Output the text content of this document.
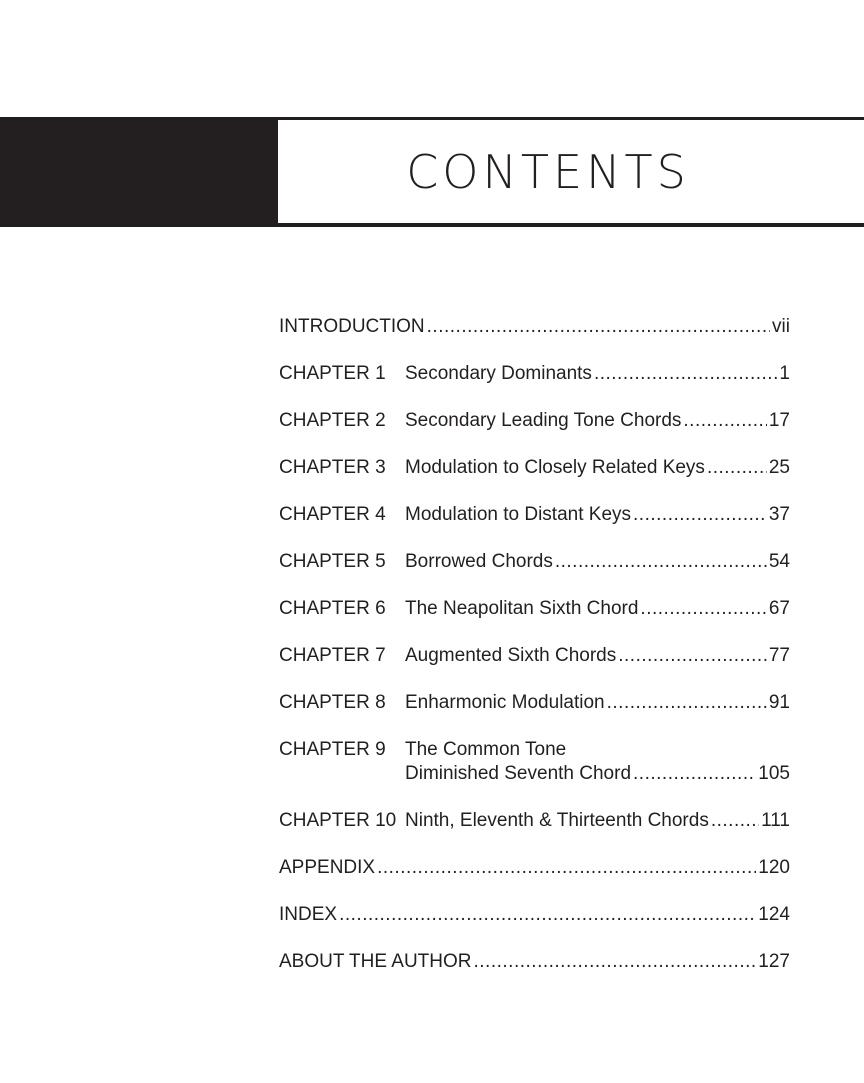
CONTENTS
INTRODUCTION .....	vii
CHAPTER 1	Secondary Dominants .....	1
CHAPTER 2	Secondary Leading Tone Chords .....	17
CHAPTER 3	Modulation to Closely Related Keys .....	25
CHAPTER 4	Modulation to Distant Keys .....	37
CHAPTER 5	Borrowed Chords .....	54
CHAPTER 6	The Neapolitan Sixth Chord .....	67
CHAPTER 7	Augmented Sixth Chords .....	77
CHAPTER 8	Enharmonic Modulation .....	91
CHAPTER 9	The Common Tone
Diminished Seventh Chord .....	105
CHAPTER 10 Ninth, Eleventh & Thirteenth Chords .....	111
APPENDIX .....	120
INDEX .....	124
ABOUT THE AUTHOR .....	127
